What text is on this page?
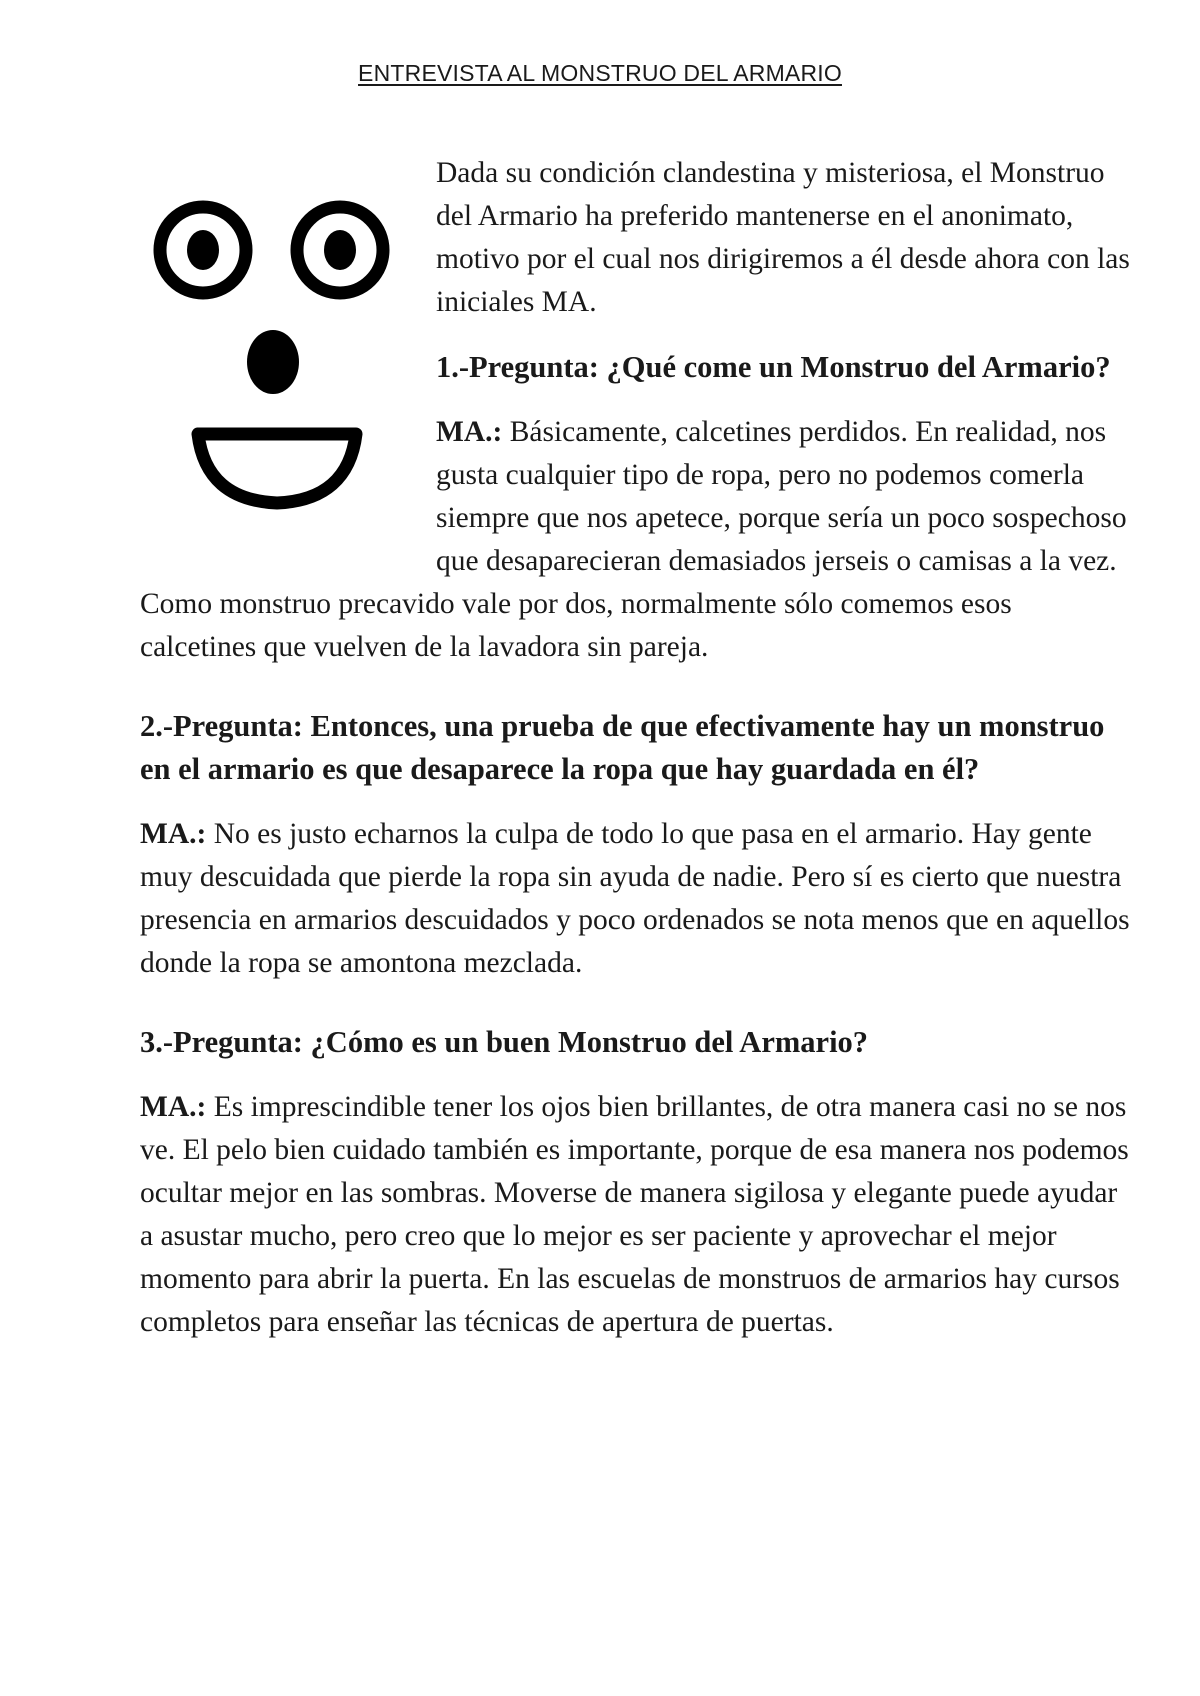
ENTREVISTA AL MONSTRUO DEL ARMARIO

Dada su condición clandestina y misteriosa, el Monstruo del Armario ha preferido mantenerse en el anonimato, motivo por el cual nos dirigiremos a él desde ahora con las iniciales MA.

1.-Pregunta: ¿Qué come un Monstruo del Armario?

MA.: Básicamente, calcetines perdidos. En realidad, nos gusta cualquier tipo de ropa, pero no podemos comerla siempre que nos apetece, porque sería un poco sospechoso que desaparecieran demasiados jerseis o camisas a la vez. Como monstruo precavido vale por dos, normalmente sólo comemos esos calcetines que vuelven de la lavadora sin pareja.

2.-Pregunta: Entonces, una prueba de que efectivamente hay un monstruo en el armario es que desaparece la ropa que hay guardada en él?

MA.: No es justo echarnos la culpa de todo lo que pasa en el armario. Hay gente muy descuidada que pierde la ropa sin ayuda de nadie. Pero sí es cierto que nuestra presencia en armarios descuidados y poco ordenados se nota menos que en aquellos donde la ropa se amontona mezclada.

3.-Pregunta: ¿Cómo es un buen Monstruo del Armario?

MA.: Es imprescindible tener los ojos bien brillantes, de otra manera casi no se nos ve. El pelo bien cuidado también es importante, porque de esa manera nos podemos ocultar mejor en las sombras. Moverse de manera sigilosa y elegante puede ayudar a asustar mucho, pero creo que lo mejor es ser paciente y aprovechar el mejor momento para abrir la puerta. En las escuelas de monstruos de armarios hay cursos completos para enseñar las técnicas de apertura de puertas.
